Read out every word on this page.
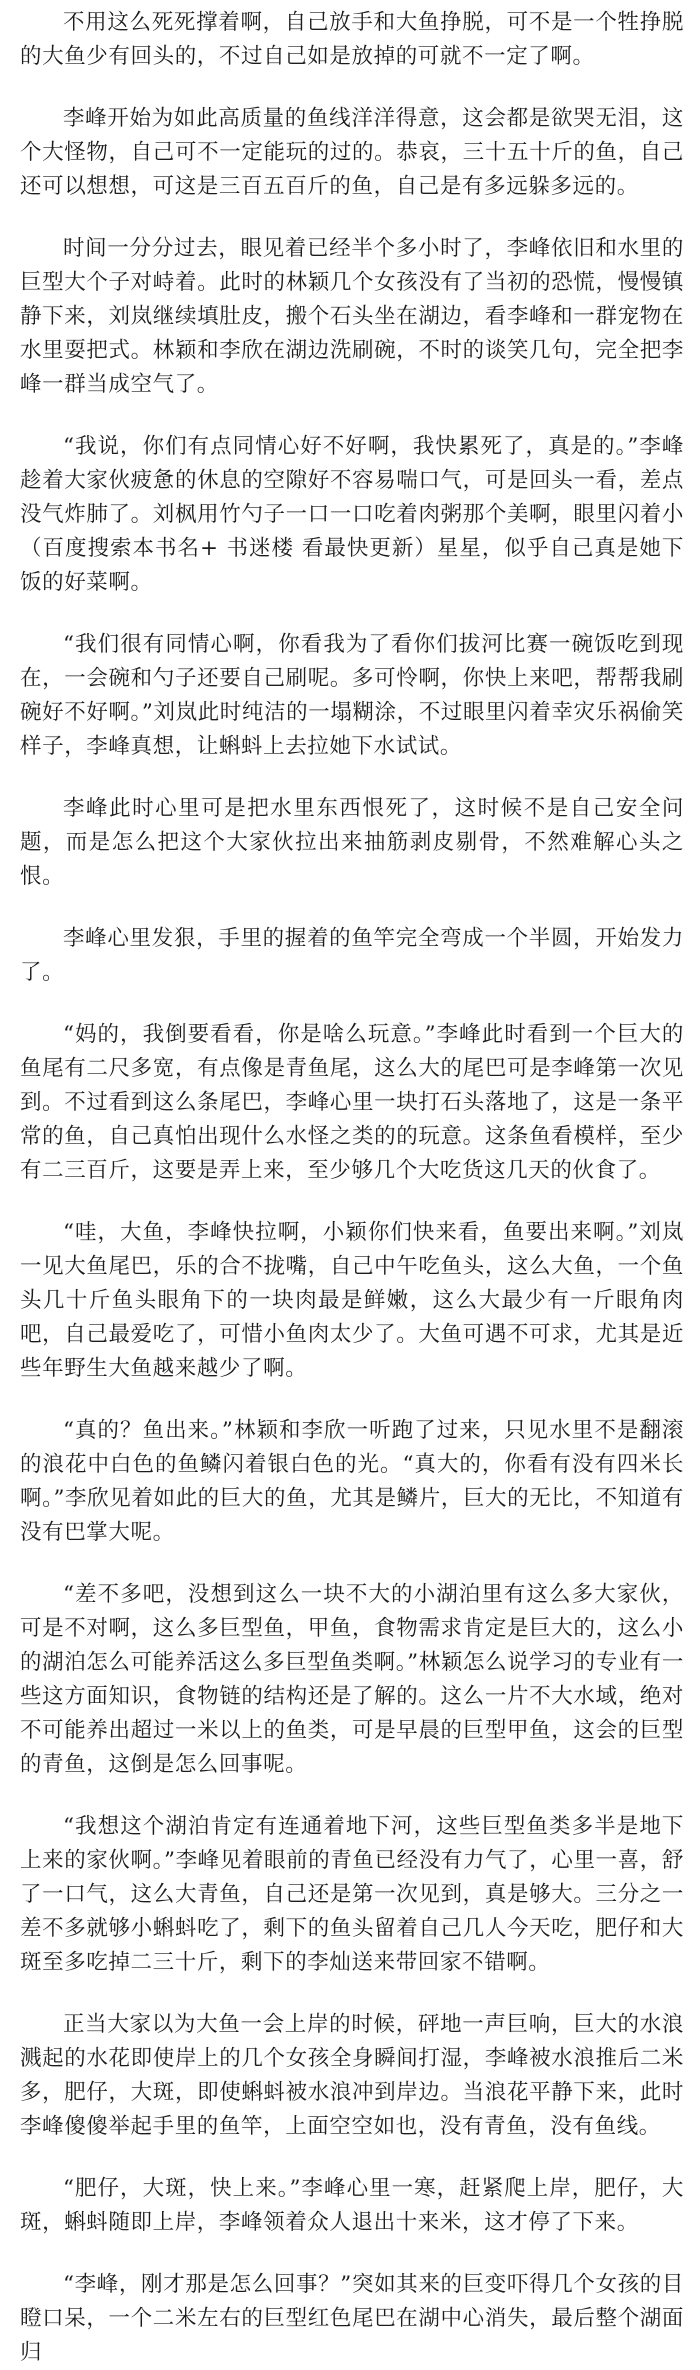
不用这么死死撑着啊，自己放手和大鱼挣脱，可不是一个牲挣脱的大鱼少有回头的，不过自己如是放掉的可就不一定了啊。

李峰开始为如此高质量的鱼线洋洋得意，这会都是欲哭无泪，这个大怪物，自己可不一定能玩的过的。恭哀，三十五十斤的鱼，自己还可以想想，可这是三百五百斤的鱼，自己是有多远躲多远的。

时间一分分过去，眼见着已经半个多小时了，李峰依旧和水里的巨型大个子对峙着。此时的林颖几个女孩没有了当初的恐慌，慢慢镇静下来，刘岚继续填肚皮，搬个石头坐在湖边，看李峰和一群宠物在水里耍把式。林颖和李欣在湖边洗刷碗，不时的谈笑几句，完全把李峰一群当成空气了。

“我说，你们有点同情心好不好啊，我快累死了，真是的。”李峰趁着大家伙疲惫的休息的空隙好不容易喘口气，可是回头一看，差点没气炸肺了。刘枫用竹勺子一口一口吃着肉粥那个美啊，眼里闪着小（百度搜索本书名+ 书迷楼 看最快更新）星星，似乎自己真是她下饭的好菜啊。

“我们很有同情心啊，你看我为了看你们拔河比赛一碗饭吃到现在，一会碗和勺子还要自己刷呢。多可怜啊，你快上来吧，帮帮我刷碗好不好啊。”刘岚此时纯洁的一塌糊涂，不过眼里闪着幸灾乐祸偷笑样子，李峰真想，让蝌蚪上去拉她下水试试。

李峰此时心里可是把水里东西恨死了，这时候不是自己安全问题，而是怎么把这个大家伙拉出来抽筋剥皮剔骨，不然难解心头之恨。

李峰心里发狠，手里的握着的鱼竿完全弯成一个半圆，开始发力了。

“妈的，我倒要看看，你是啥么玩意。”李峰此时看到一个巨大的鱼尾有二尺多宽，有点像是青鱼尾，这么大的尾巴可是李峰第一次见到。不过看到这么条尾巴，李峰心里一块打石头落地了，这是一条平常的鱼，自己真怕出现什么水怪之类的的玩意。这条鱼看模样，至少有二三百斤，这要是弄上来，至少够几个大吃货这几天的伙食了。

“哇，大鱼，李峰快拉啊，小颖你们快来看，鱼要出来啊。”刘岚一见大鱼尾巴，乐的合不拢嘴，自己中午吃鱼头，这么大鱼，一个鱼头几十斤鱼头眼角下的一块肉最是鲜嫩，这么大最少有一斤眼角肉吧，自己最爱吃了，可惜小鱼肉太少了。大鱼可遇不可求，尤其是近些年野生大鱼越来越少了啊。

“真的？鱼出来。”林颖和李欣一听跑了过来，只见水里不是翻滚的浪花中白色的鱼鳞闪着银白色的光。“真大的，你看有没有四米长啊。”李欣见着如此的巨大的鱼，尤其是鳞片，巨大的无比，不知道有没有巴掌大呢。

“差不多吧，没想到这么一块不大的小湖泊里有这么多大家伙，可是不对啊，这么多巨型鱼，甲鱼，食物需求肯定是巨大的，这么小的湖泊怎么可能养活这么多巨型鱼类啊。”林颖怎么说学习的专业有一些这方面知识，食物链的结构还是了解的。这么一片不大水域，绝对不可能养出超过一米以上的鱼类，可是早晨的巨型甲鱼，这会的巨型的青鱼，这倒是怎么回事呢。

“我想这个湖泊肯定有连通着地下河，这些巨型鱼类多半是地下上来的家伙啊。”李峰见着眼前的青鱼已经没有力气了，心里一喜，舒了一口气，这么大青鱼，自己还是第一次见到，真是够大。三分之一差不多就够小蝌蚪吃了，剩下的鱼头留着自己几人今天吃，肥仔和大斑至多吃掉二三十斤，剩下的李灿送来带回家不错啊。

正当大家以为大鱼一会上岸的时候，砰地一声巨响，巨大的水浪溅起的水花即使岸上的几个女孩全身瞬间打湿，李峰被水浪推后二米多，肥仔，大斑，即使蝌蚪被水浪冲到岸边。当浪花平静下来，此时李峰傻傻举起手里的鱼竿，上面空空如也，没有青鱼，没有鱼线。

“肥仔，大斑，快上来。”李峰心里一寒，赶紧爬上岸，肥仔，大斑，蝌蚪随即上岸，李峰领着众人退出十来米，这才停了下来。

“李峰，刚才那是怎么回事？”突如其来的巨变吓得几个女孩的目瞪口呆，一个二米左右的巨型红色尾巴在湖中心消失，最后整个湖面归
